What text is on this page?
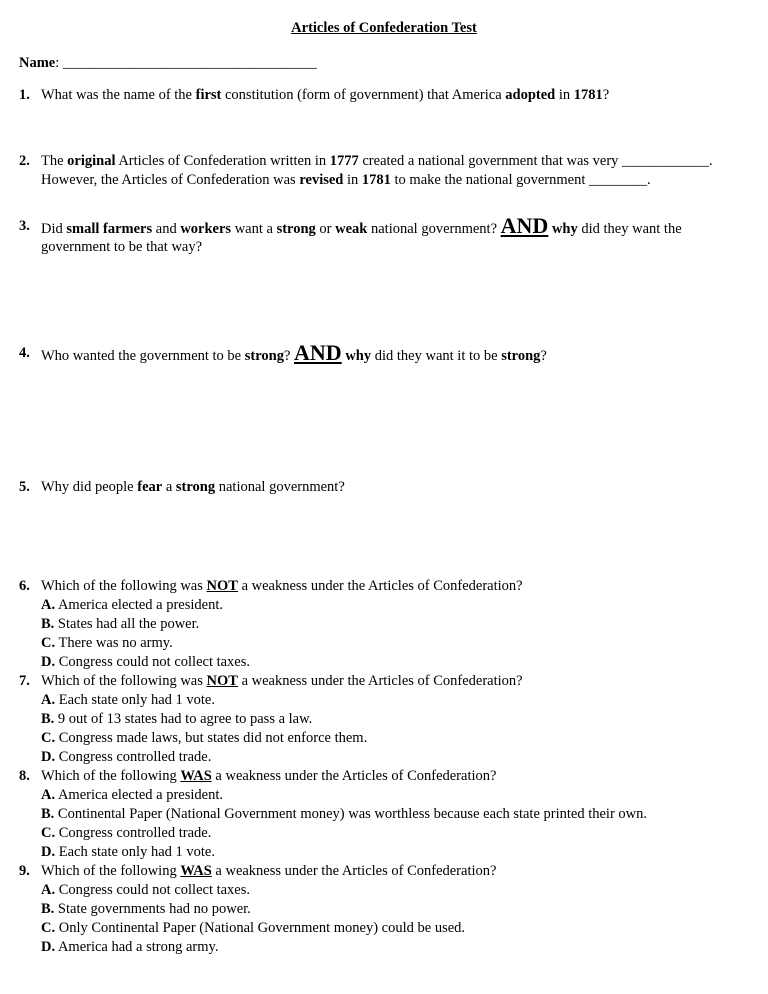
Articles of Confederation Test
Name: ___________________________________
1. What was the name of the first constitution (form of government) that America adopted in 1781?
2. The original Articles of Confederation written in 1777 created a national government that was very ____________.
However, the Articles of Confederation was revised in 1781 to make the national government ________.
3. Did small farmers and workers want a strong or weak national government? AND why did they want the
government to be that way?
4. Who wanted the government to be strong? AND why did they want it to be strong?
5. Why did people fear a strong national government?
6. Which of the following was NOT a weakness under the Articles of Confederation?
A. America elected a president.
B. States had all the power.
C. There was no army.
D. Congress could not collect taxes.
7. Which of the following was NOT a weakness under the Articles of Confederation?
A. Each state only had 1 vote.
B. 9 out of 13 states had to agree to pass a law.
C. Congress made laws, but states did not enforce them.
D. Congress controlled trade.
8. Which of the following WAS a weakness under the Articles of Confederation?
A. America elected a president.
B. Continental Paper (National Government money) was worthless because each state printed their own.
C. Congress controlled trade.
D. Each state only had 1 vote.
9. Which of the following WAS a weakness under the Articles of Confederation?
A. Congress could not collect taxes.
B. State governments had no power.
C. Only Continental Paper (National Government money) could be used.
D. America had a strong army.
